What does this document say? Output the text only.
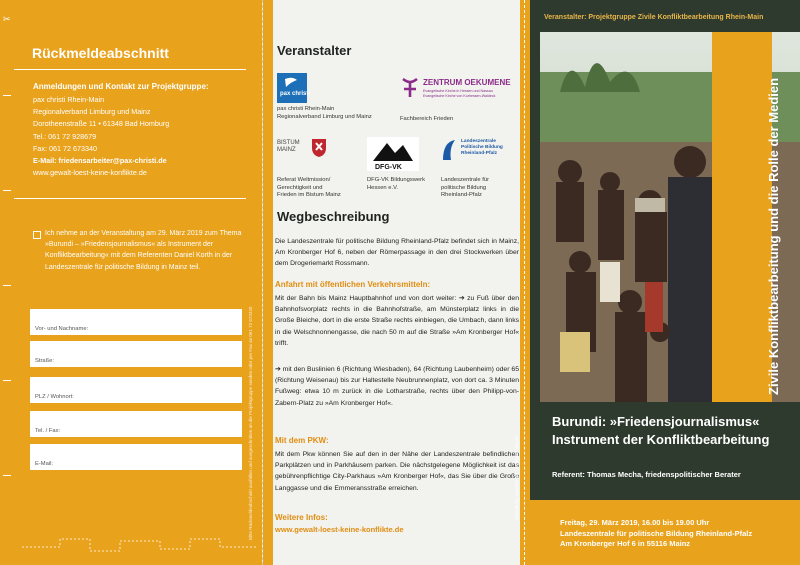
✂
Rückmeldeabschnitt
Anmeldungen und Kontakt zur Projektgruppe:
pax christi Rhein-Main
Regionalverband Limburg und Mainz
Dorotheenstraße 11 • 61348 Bad Homburg
Tel.: 061 72 928679
Fax: 061 72 673340
E-Mail: friedensarbeiter@pax-christi.de
www.gewalt-loest-keine-konflikte.de
Ich nehme an der Veranstaltung am 29. März 2019 zum Thema »Burundi – »Friedensjournalismus« als Instrument der Konfliktbearbeitung« mit dem Referenten Daniel Korth in der Landeszentrale für politische Bildung in Mainz teil.
Vor- und Nachname:
Straße:
PLZ / Wohnort:
Tel. / Fax:
E-Mail:	Bitte Rückmeldeabschnitt ausfüllen und ausgeschnitten an die Projektgruppe senden oder per Fax an 061 72 673340
Veranstalter
pax christi
pax christi Rhein-Main
Regionalverband Limburg und Mainz
ZENTRUM OEKUMENE
Evangelische Kirche in Hessen und Nassau
Evangelische Kirche von Kurhessen-Waldeck
Fachbereich Frieden
BISTUM MAINZ
Referat Weltmission/
Gerechtigkeit und
Frieden im Bistum Mainz
DFG-VK
DFG-VK Bildungswerk
Hessen e.V.
Landeszentrale Politische Bildung Rheinland-Pfalz
Landeszentrale für
politische Bildung
Rheinland-Pfalz
Wegbeschreibung
Die Landeszentrale für politische Bildung Rheinland-Pfalz befindet sich in Mainz, Am Kronberger Hof 6, neben der Römerpassage in den drei Stockwerken über dem Drogeriemarkt Rossmann.
Anfahrt mit öffentlichen Verkehrsmitteln:
Mit der Bahn bis Mainz Hauptbahnhof und von dort weiter: ➔ zu Fuß über den Bahnhofsvorplatz rechts in die Bahnhofstraße, am Münsterplatz links in die Große Bleiche, dort in die erste Straße rechts einbiegen, die Umbach, dann links in die Welschnonnengasse, die nach 50 m auf die Straße »Am Kronberger Hof« trifft.
➔ mit den Buslinien 6 (Richtung Wiesbaden), 64 (Richtung Laubenheim) oder 65 (Richtung Weisenau) bis zur Haltestelle Neubrunnenplatz, von dort ca. 3 Minuten Fußweg: etwa 10 m zurück in die Lotharstraße, rechts über den Philipp-von-Zabern-Platz zu »Am Kronberger Hof«.
Mit dem PKW:
Mit dem Pkw können Sie auf den in der Nähe der Landeszentrale befindlichen Parkplätzen und in Parkhäusern parken. Die nächstgelegene Möglichkeit ist das gebührenpflichtige City-Parkhaus »Am Kronberger Hof«, das Sie über die Große Langgasse und die Emmeransstraße erreichen.
Weitere Infos:
www.gewalt-loest-keine-konflikte.de
Gestaltung: Kreativbüro · www.mainzer.de
Veranstalter: Projektgruppe Zivile Konfliktbearbeitung Rhein-Main
Zivile Konfliktbearbeitung und die Rolle der Medien
Burundi: »Friedensjournalismus«
Instrument der Konfliktbearbeitung
Referent: Thomas Mecha, friedenspolitischer Berater
Freitag, 29. März 2019, 16.00 bis 19.00 Uhr
Landeszentrale für politische Bildung Rheinland-Pfalz
Am Kronberger Hof 6 in 55116 Mainz
